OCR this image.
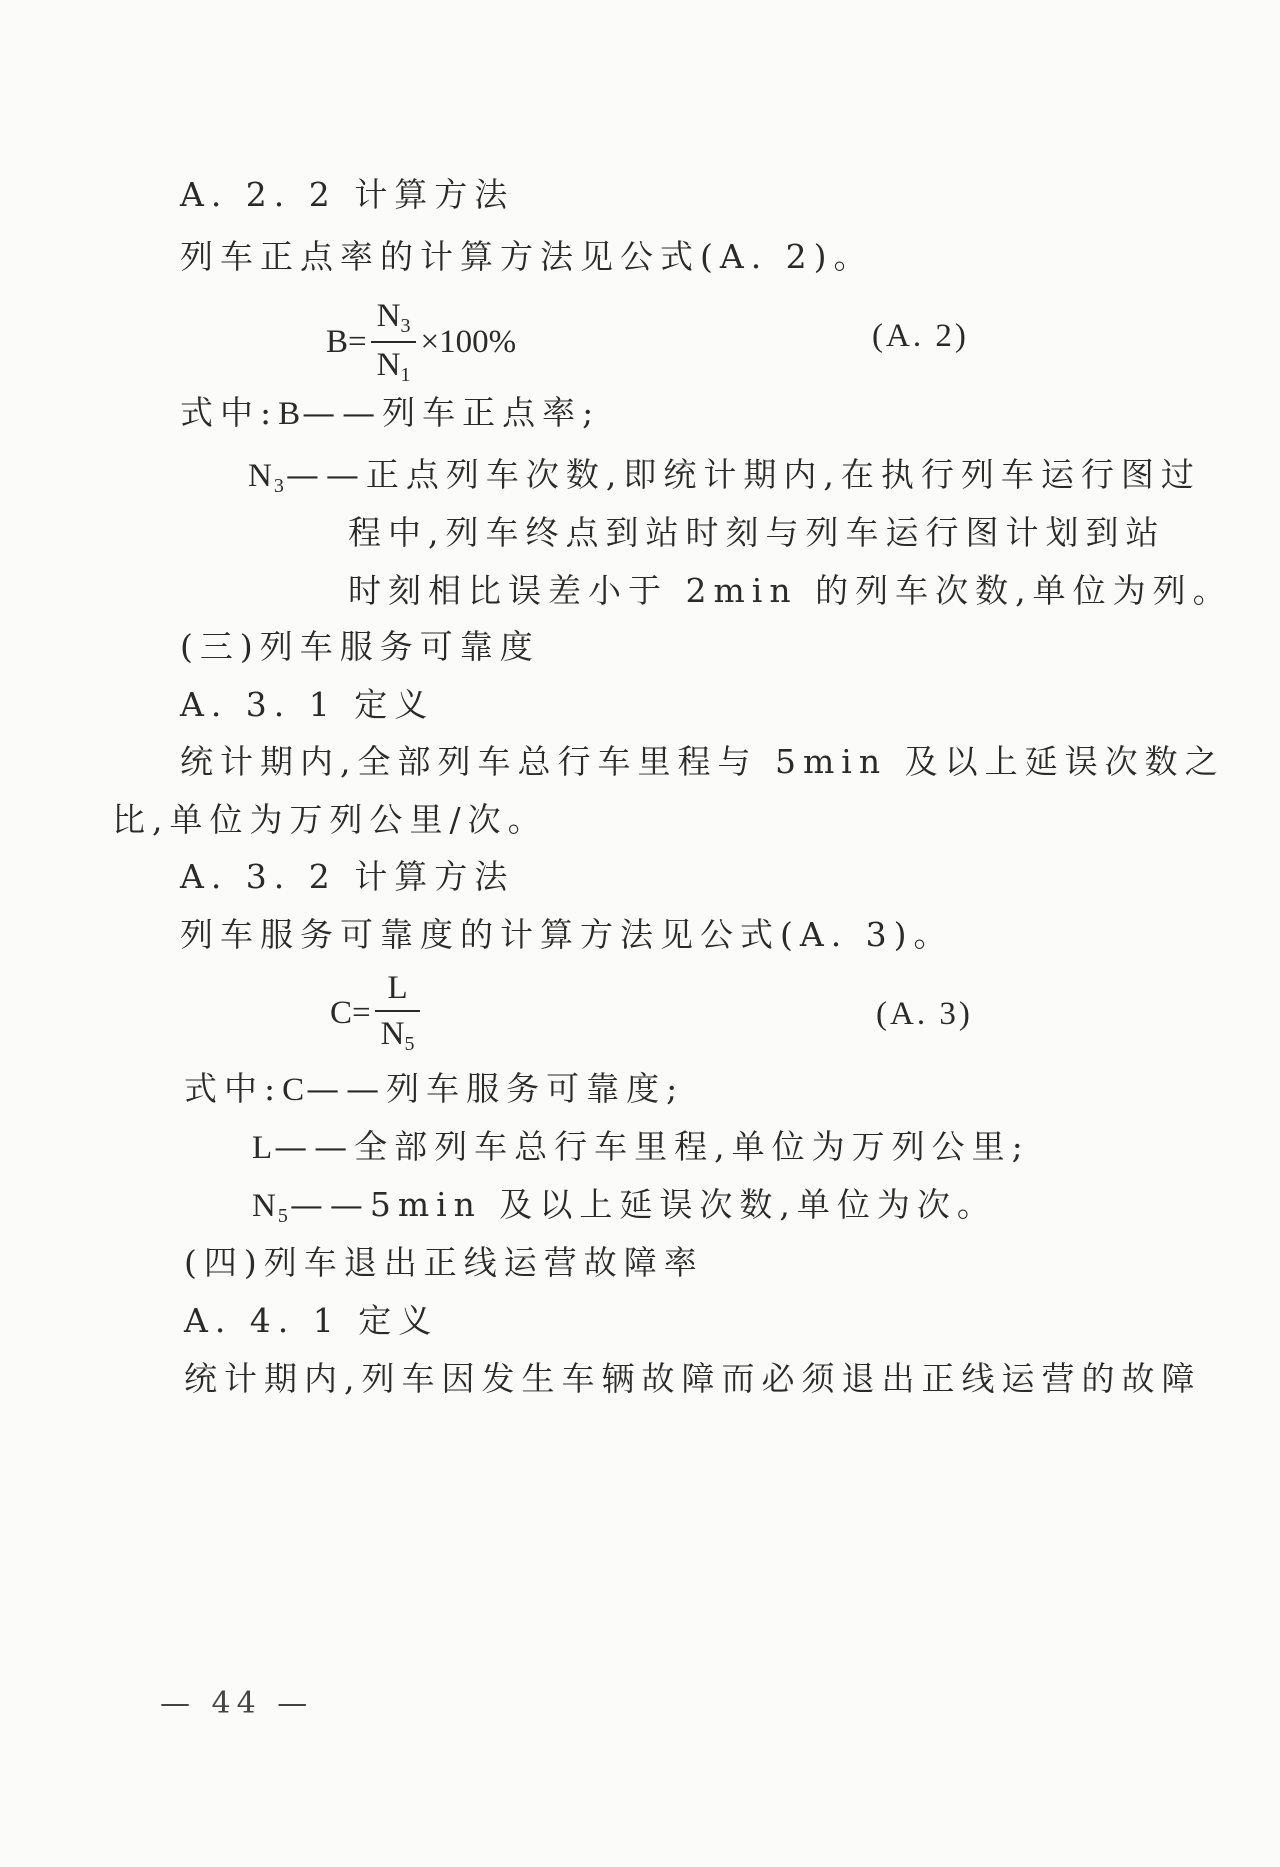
A. 2. 2 计算方法
列车正点率的计算方法见公式(A. 2)。
$B= \frac{N_3}{N_1} \times 100\%$	(A. 2)
式中:B——列车正点率;
$N_3——$正点列车次数,即统计期内,在执行列车运行图过
程中,列车终点到站时刻与列车运行图计划到站
时刻相比误差小于 2min 的列车次数,单位为列。
(三)列车服务可靠度
A. 3. 1 定义
统计期内,全部列车总行车里程与 5min 及以上延误次数之
比,单位为万列公里/次。
A. 3. 2 计算方法
列车服务可靠度的计算方法见公式(A. 3)。
$C= \frac{L}{N_5}$	(A. 3)
式中:C——列车服务可靠度;
L——全部列车总行车里程,单位为万列公里;
$N_5——5\min$ 及以上延误次数,单位为次。
(四)列车退出正线运营故障率
A. 4. 1 定义
统计期内,列车因发生车辆故障而必须退出正线运营的故障
— 44 —
